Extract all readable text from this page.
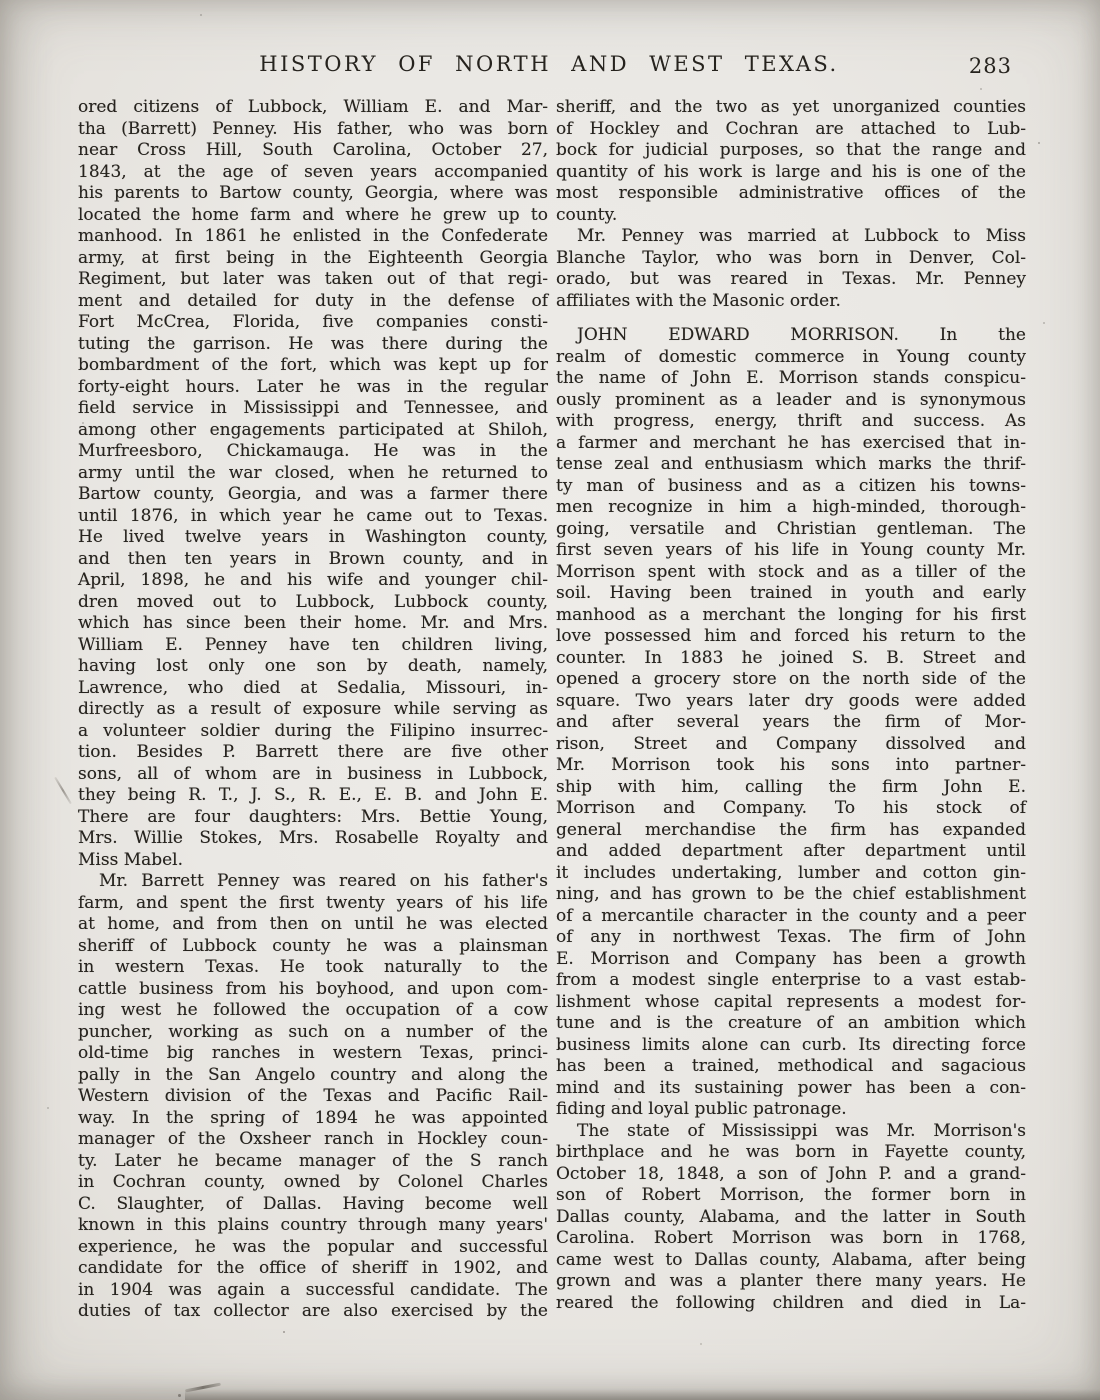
HISTORY OF NORTH AND WEST TEXAS.	283
ored citizens of Lubbock, William E. and Mar-
tha (Barrett) Penney. His father, who was born
near Cross Hill, South Carolina, October 27,
1843, at the age of seven years accompanied
his parents to Bartow county, Georgia, where was
located the home farm and where he grew up to
manhood. In 1861 he enlisted in the Confederate
army, at first being in the Eighteenth Georgia
Regiment, but later was taken out of that regi-
ment and detailed for duty in the defense of
Fort McCrea, Florida, five companies consti-
tuting the garrison. He was there during the
bombardment of the fort, which was kept up for
forty-eight hours. Later he was in the regular
field service in Mississippi and Tennessee, and
among other engagements participated at Shiloh,
Murfreesboro, Chickamauga. He was in the
army until the war closed, when he returned to
Bartow county, Georgia, and was a farmer there
until 1876, in which year he came out to Texas.
He lived twelve years in Washington county,
and then ten years in Brown county, and in
April, 1898, he and his wife and younger chil-
dren moved out to Lubbock, Lubbock county,
which has since been their home. Mr. and Mrs.
William E. Penney have ten children living,
having lost only one son by death, namely,
Lawrence, who died at Sedalia, Missouri, in-
directly as a result of exposure while serving as
a volunteer soldier during the Filipino insurrec-
tion. Besides P. Barrett there are five other
sons, all of whom are in business in Lubbock,
they being R. T., J. S., R. E., E. B. and John E.
There are four daughters: Mrs. Bettie Young,
Mrs. Willie Stokes, Mrs. Rosabelle Royalty and
Miss Mabel.
Mr. Barrett Penney was reared on his father's
farm, and spent the first twenty years of his life
at home, and from then on until he was elected
sheriff of Lubbock county he was a plainsman
in western Texas. He took naturally to the
cattle business from his boyhood, and upon com-
ing west he followed the occupation of a cow
puncher, working as such on a number of the
old-time big ranches in western Texas, princi-
pally in the San Angelo country and along the
Western division of the Texas and Pacific Rail-
way. In the spring of 1894 he was appointed
manager of the Oxsheer ranch in Hockley coun-
ty. Later he became manager of the S ranch
in Cochran county, owned by Colonel Charles
C. Slaughter, of Dallas. Having become well
known in this plains country through many years'
experience, he was the popular and successful
candidate for the office of sheriff in 1902, and
in 1904 was again a successful candidate. The
duties of tax collector are also exercised by the
sheriff, and the two as yet unorganized counties
of Hockley and Cochran are attached to Lub-
bock for judicial purposes, so that the range and
quantity of his work is large and his is one of the
most responsible administrative offices of the
county.
Mr. Penney was married at Lubbock to Miss
Blanche Taylor, who was born in Denver, Col-
orado, but was reared in Texas. Mr. Penney
affiliates with the Masonic order.
JOHN EDWARD MORRISON. In the
realm of domestic commerce in Young county
the name of John E. Morrison stands conspicu-
ously prominent as a leader and is synonymous
with progress, energy, thrift and success. As
a farmer and merchant he has exercised that in-
tense zeal and enthusiasm which marks the thrif-
ty man of business and as a citizen his towns-
men recognize in him a high-minded, thorough-
going, versatile and Christian gentleman. The
first seven years of his life in Young county Mr.
Morrison spent with stock and as a tiller of the
soil. Having been trained in youth and early
manhood as a merchant the longing for his first
love possessed him and forced his return to the
counter. In 1883 he joined S. B. Street and
opened a grocery store on the north side of the
square. Two years later dry goods were added
and after several years the firm of Mor-
rison, Street and Company dissolved and
Mr. Morrison took his sons into partner-
ship with him, calling the firm John E.
Morrison and Company. To his stock of
general merchandise the firm has expanded
and added department after department until
it includes undertaking, lumber and cotton gin-
ning, and has grown to be the chief establishment
of a mercantile character in the county and a peer
of any in northwest Texas. The firm of John
E. Morrison and Company has been a growth
from a modest single enterprise to a vast estab-
lishment whose capital represents a modest for-
tune and is the creature of an ambition which
business limits alone can curb. Its directing force
has been a trained, methodical and sagacious
mind and its sustaining power has been a con-
fiding and loyal public patronage.
The state of Mississippi was Mr. Morrison's
birthplace and he was born in Fayette county,
October 18, 1848, a son of John P. and a grand-
son of Robert Morrison, the former born in
Dallas county, Alabama, and the latter in South
Carolina. Robert Morrison was born in 1768,
came west to Dallas county, Alabama, after being
grown and was a planter there many years. He
reared the following children and died in La-
